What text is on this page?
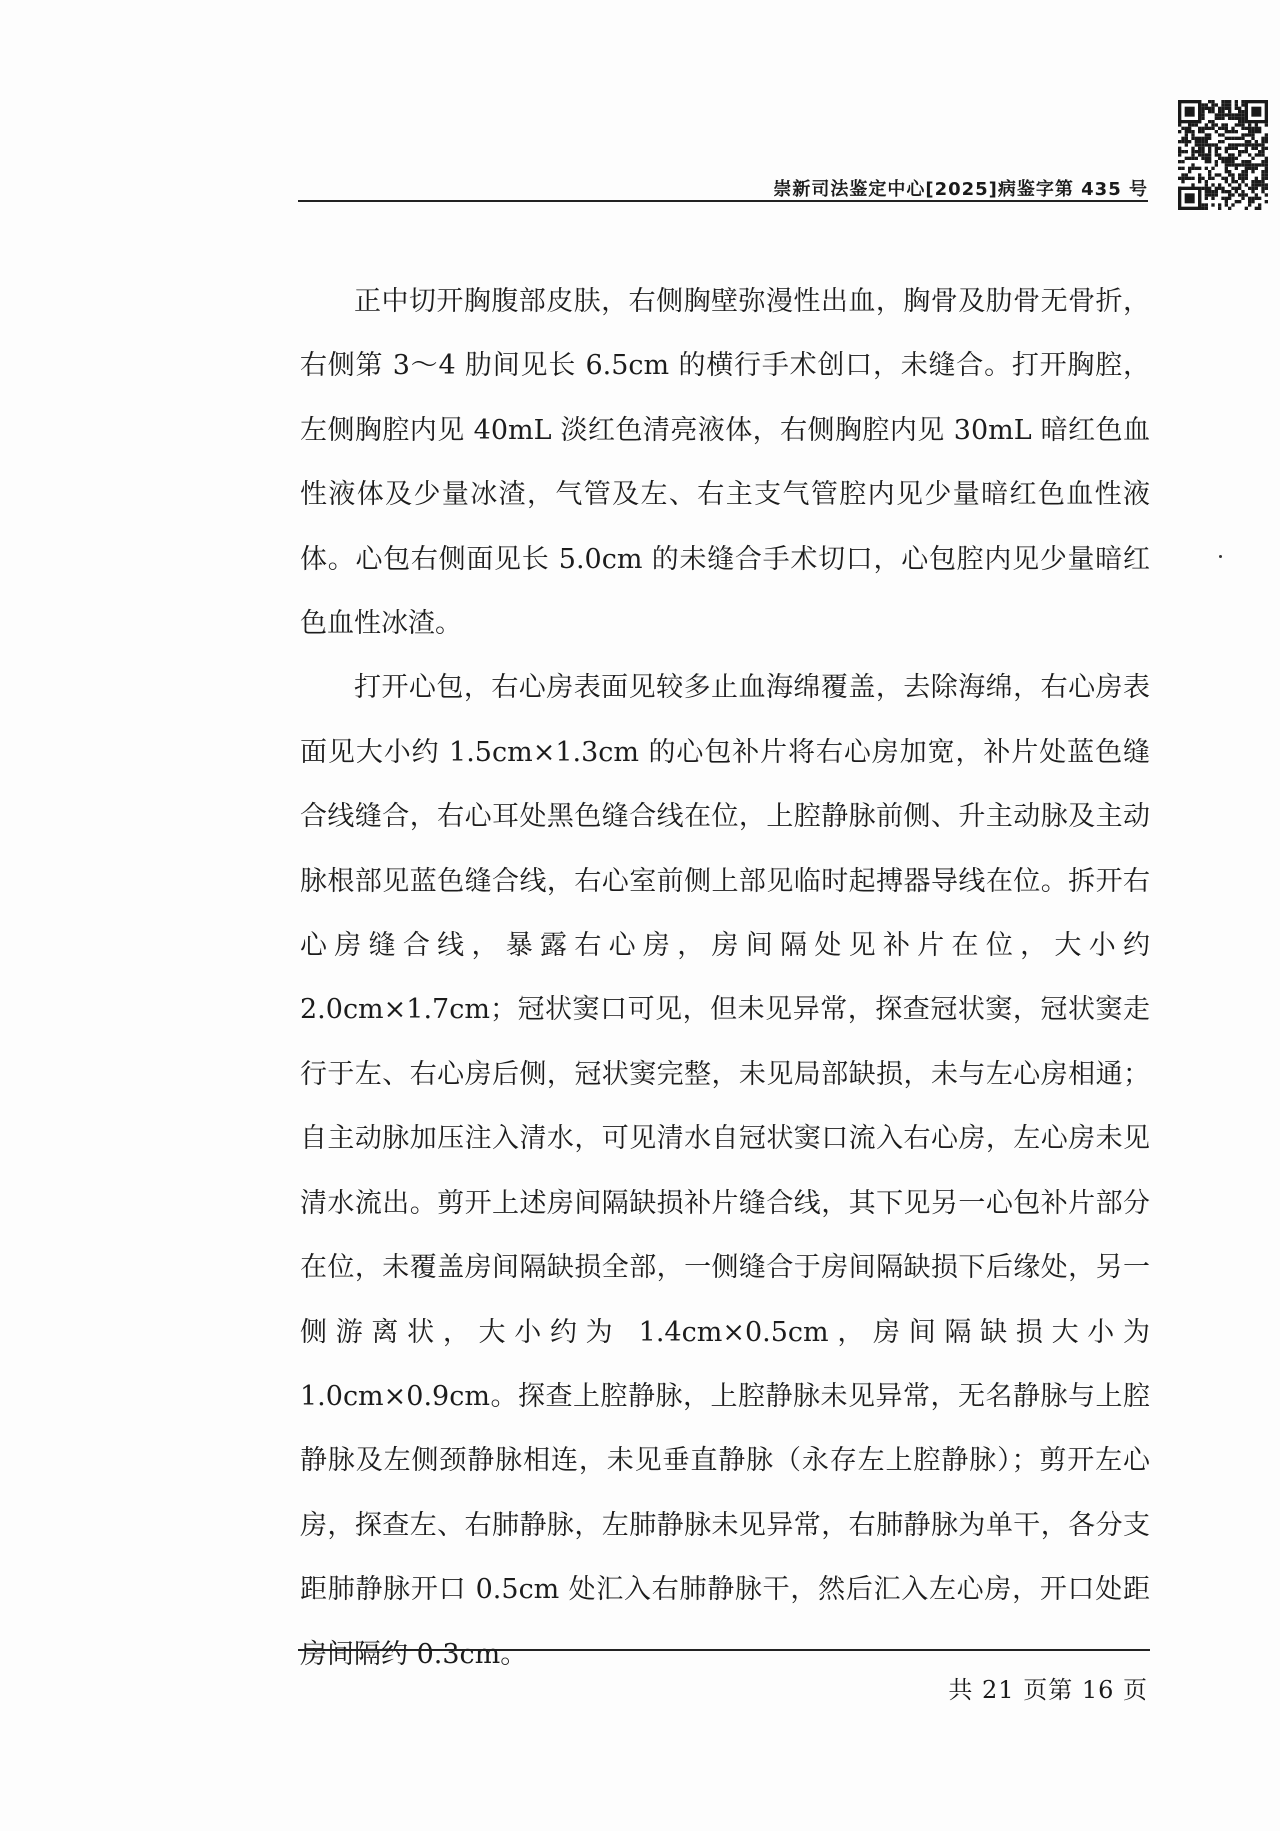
崇新司法鉴定中心[2025]病鉴字第 435 号

正中切开胸腹部皮肤，右侧胸壁弥漫性出血，胸骨及肋骨无骨折，右侧第 3～4 肋间见长 6.5cm 的横行手术创口，未缝合。打开胸腔，左侧胸腔内见 40mL 淡红色清亮液体，右侧胸腔内见 30mL 暗红色血性液体及少量冰渣，气管及左、右主支气管腔内见少量暗红色血性液体。心包右侧面见长 5.0cm 的未缝合手术切口，心包腔内见少量暗红色血性冰渣。

打开心包，右心房表面见较多止血海绵覆盖，去除海绵，右心房表面见大小约 1.5cm×1.3cm 的心包补片将右心房加宽，补片处蓝色缝合线缝合，右心耳处黑色缝合线在位，上腔静脉前侧、升主动脉及主动脉根部见蓝色缝合线，右心室前侧上部见临时起搏器导线在位。拆开右心房缝合线，暴露右心房，房间隔处见补片在位，大小约 2.0cm×1.7cm；冠状窦口可见，但未见异常，探查冠状窦，冠状窦走行于左、右心房后侧，冠状窦完整，未见局部缺损，未与左心房相通；自主动脉加压注入清水，可见清水自冠状窦口流入右心房，左心房未见清水流出。剪开上述房间隔缺损补片缝合线，其下见另一心包补片部分在位，未覆盖房间隔缺损全部，一侧缝合于房间隔缺损下后缘处，另一侧游离状，大小约为 1.4cm×0.5cm，房间隔缺损大小为 1.0cm×0.9cm。探查上腔静脉，上腔静脉未见异常，无名静脉与上腔静脉及左侧颈静脉相连，未见垂直静脉（永存左上腔静脉）；剪开左心房，探查左、右肺静脉，左肺静脉未见异常，右肺静脉为单干，各分支距肺静脉开口 0.5cm 处汇入右肺静脉干，然后汇入左心房，开口处距房间隔约 0.3cm。

共 21 页第 16 页
